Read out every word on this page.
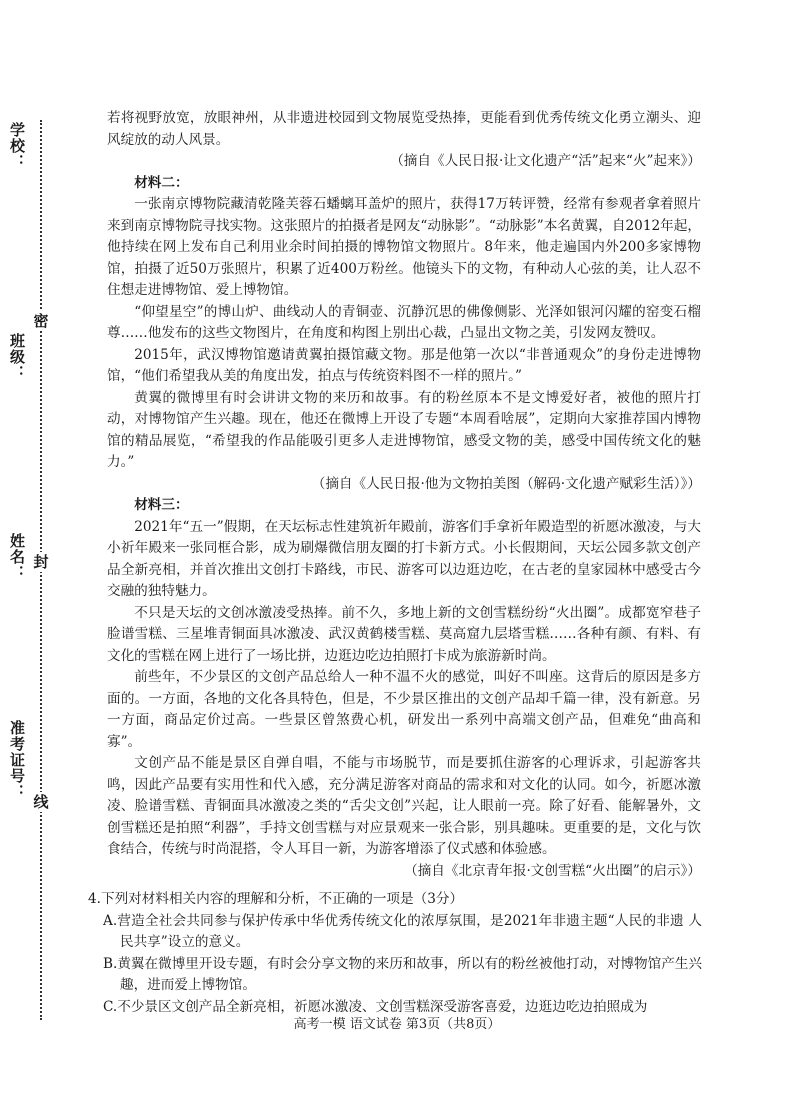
学校：
班级：
姓名：
准考证号：
密
封
线

若将视野放宽，放眼神州，从非遗进校园到文物展览受热捧，更能看到优秀传统文化勇立潮头、迎风绽放的动人风景。

（摘自《人民日报·让文化遗产“活”起来“火”起来》）

材料二：

一张南京博物院藏清乾隆芙蓉石蟠螭耳盖炉的照片，获得17万转评赞，经常有参观者拿着照片来到南京博物院寻找实物。这张照片的拍摄者是网友“动脉影”。“动脉影”本名黄翼，自2012年起，他持续在网上发布自己利用业余时间拍摄的博物馆文物照片。8年来，他走遍国内外200多家博物馆，拍摄了近50万张照片，积累了近400万粉丝。他镜头下的文物，有种动人心弦的美，让人忍不住想走进博物馆、爱上博物馆。

“仰望星空”的博山炉、曲线动人的青铜壶、沉静沉思的佛像侧影、光泽如银河闪耀的窑变石榴尊……他发布的这些文物图片，在角度和构图上别出心裁，凸显出文物之美，引发网友赞叹。

2015年，武汉博物馆邀请黄翼拍摄馆藏文物。那是他第一次以“非普通观众”的身份走进博物馆，“他们希望我从美的角度出发，拍点与传统资料图不一样的照片。”

黄翼的微博里有时会讲讲文物的来历和故事。有的粉丝原本不是文博爱好者，被他的照片打动，对博物馆产生兴趣。现在，他还在微博上开设了专题“本周看啥展”，定期向大家推荐国内博物馆的精品展览，“希望我的作品能吸引更多人走进博物馆，感受文物的美，感受中国传统文化的魅力。”

（摘自《人民日报·他为文物拍美图（解码·文化遗产赋彩生活）》）

材料三：

2021年“五一”假期，在天坛标志性建筑祈年殿前，游客们手拿祈年殿造型的祈愿冰激凌，与大小祈年殿来一张同框合影，成为刷爆微信朋友圈的打卡新方式。小长假期间，天坛公园多款文创产品全新亮相，并首次推出文创打卡路线，市民、游客可以边逛边吃，在古老的皇家园林中感受古今交融的独特魅力。

不只是天坛的文创冰激凌受热捧。前不久，多地上新的文创雪糕纷纷“火出圈”。成都宽窄巷子脸谱雪糕、三星堆青铜面具冰激凌、武汉黄鹤楼雪糕、莫高窟九层塔雪糕……各种有颜、有料、有文化的雪糕在网上进行了一场比拼，边逛边吃边拍照打卡成为旅游新时尚。

前些年，不少景区的文创产品总给人一种不温不火的感觉，叫好不叫座。这背后的原因是多方面的。一方面，各地的文化各具特色，但是，不少景区推出的文创产品却千篇一律，没有新意。另一方面，商品定价过高。一些景区曾煞费心机，研发出一系列中高端文创产品，但难免“曲高和寡”。

文创产品不能是景区自弹自唱，不能与市场脱节，而是要抓住游客的心理诉求，引起游客共鸣，因此产品要有实用性和代入感，充分满足游客对商品的需求和对文化的认同。如今，祈愿冰激凌、脸谱雪糕、青铜面具冰激凌之类的“舌尖文创”兴起，让人眼前一亮。除了好看、能解暑外，文创雪糕还是拍照“利器”，手持文创雪糕与对应景观来一张合影，别具趣味。更重要的是，文化与饮食结合，传统与时尚混搭，令人耳目一新，为游客增添了仪式感和体验感。

（摘自《北京青年报·文创雪糕“火出圈”的启示》）

4.下列对材料相关内容的理解和分析，不正确的一项是（3分）

A.营造全社会共同参与保护传承中华优秀传统文化的浓厚氛围，是2021年非遗主题“人民的非遗 人民共享”设立的意义。

B.黄翼在微博里开设专题，有时会分享文物的来历和故事，所以有的粉丝被他打动，对博物馆产生兴趣，进而爱上博物馆。

C.不少景区文创产品全新亮相，祈愿冰激凌、文创雪糕深受游客喜爱，边逛边吃边拍照成为

高考一模 语文试卷 第3页（共8页）
